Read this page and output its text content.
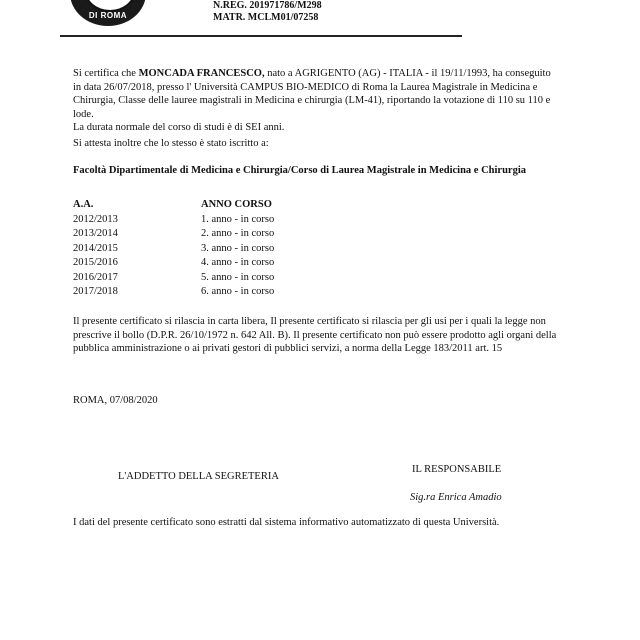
DI ROMA
N.REG. 201971786/M298
MATR. MCLM01/07258
Si certifica che MONCADA FRANCESCO, nato a AGRIGENTO (AG) - ITALIA - il 19/11/1993, ha conseguito
in data 26/07/2018, presso l' Università CAMPUS BIO-MEDICO di Roma la Laurea Magistrale in Medicina e
Chirurgia, Classe delle lauree magistrali in Medicina e chirurgia (LM-41), riportando la votazione di 110 su 110 e
lode.
La durata normale del corso di studi è di SEI anni.
Si attesta inoltre che lo stesso è stato iscritto a:
Facoltà Dipartimentale di Medicina e Chirurgia/Corso di Laurea Magistrale in Medicina e Chirurgia
A.A.	ANNO CORSO
2012/2013	1. anno - in corso
2013/2014	2. anno - in corso
2014/2015	3. anno - in corso
2015/2016	4. anno - in corso
2016/2017	5. anno - in corso
2017/2018	6. anno - in corso
Il presente certificato si rilascia in carta libera, Il presente certificato si rilascia per gli usi per i quali la legge non
prescrive il bollo (D.P.R. 26/10/1972 n. 642 All. B). Il presente certificato non può essere prodotto agli organi della
pubblica amministrazione o ai privati gestori di pubblici servizi, a norma della Legge 183/2011 art. 15
ROMA, 07/08/2020
L'ADDETTO DELLA SEGRETERIA
IL RESPONSABILE
Sig.ra Enrica Amadio
I dati del presente certificato sono estratti dal sistema informativo automatizzato di questa Università.
